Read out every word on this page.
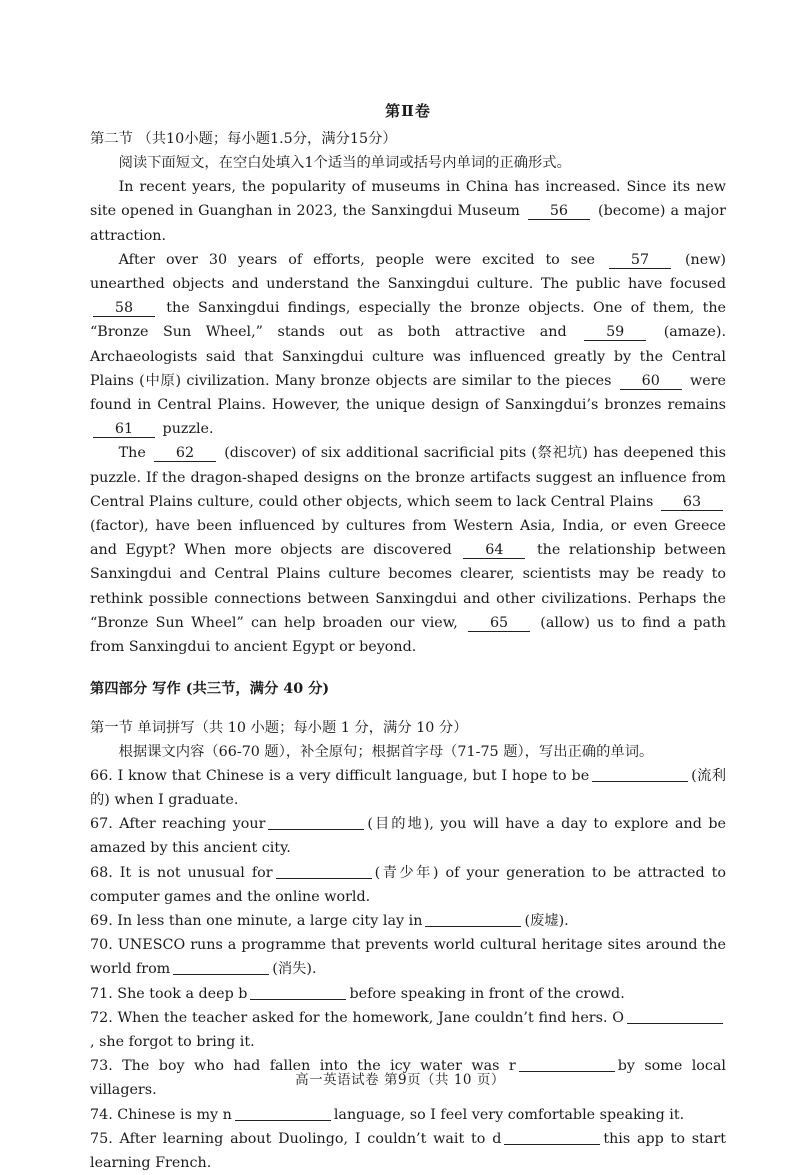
第Ⅱ卷

第二节 （共10小题；每小题1.5分，满分15分）

阅读下面短文，在空白处填入1个适当的单词或括号内单词的正确形式。

In recent years, the popularity of museums in China has increased. Since its new site opened in Guanghan in 2023, the Sanxingdui Museum 56 (become) a major attraction.

After over 30 years of efforts, people were excited to see	57	(new) unearthed objects and understand the Sanxingdui culture. The public have focused 58 the Sanxingdui findings, especially the bronze objects. One of them, the “Bronze Sun Wheel,” stands out as both attractive and	59	(amaze). Archaeologists said that Sanxingdui culture was influenced greatly by the Central Plains (中原) civilization. Many bronze objects are similar to the pieces 60 were found in Central Plains. However, the unique design of Sanxingdui’s bronzes remains 61 puzzle.

The 62 (discover) of six additional sacrificial pits (祭祀坑) has deepened this puzzle. If the dragon-shaped designs on the bronze artifacts suggest an influence from Central Plains culture, could other objects, which seem to lack Central Plains 63 (factor), have been influenced by cultures from Western Asia, India, or even Greece and Egypt? When more objects are discovered 64 the relationship between Sanxingdui and Central Plains culture becomes clearer, scientists may be ready to rethink possible connections between Sanxingdui and other civilizations. Perhaps the “Bronze Sun Wheel” can help broaden our view, 65 (allow) us to find a path from Sanxingdui to ancient Egypt or beyond.

第四部分 写作 (共三节，满分 40 分)

第一节 单词拼写（共 10 小题；每小题 1 分，满分 10 分）

根据课文内容（66-70 题），补全原句；根据首字母（71-75 题），写出正确的单词。

66. I know that Chinese is a very difficult language, but I hope to be	(流利的) when I graduate.

67. After reaching your	(目的地), you will have a day to explore and be amazed by this ancient city.

68. It is not unusual for	(青少年) of your generation to be attracted to computer games and the online world.

69. In less than one minute, a large city lay in	(废墟).

70. UNESCO runs a programme that prevents world cultural heritage sites around the world from	(消失).

71. She took a deep b	before speaking in front of the crowd.

72. When the teacher asked for the homework, Jane couldn’t find hers. O, she forgot to bring it.

73. The boy who had fallen into the icy water was r	by some local villagers.

74. Chinese is my n	language, so I feel very comfortable speaking it.

75. After learning about Duolingo, I couldn’t wait to d	this app to start learning French.

高一英语试卷 第9页（共 10 页）
